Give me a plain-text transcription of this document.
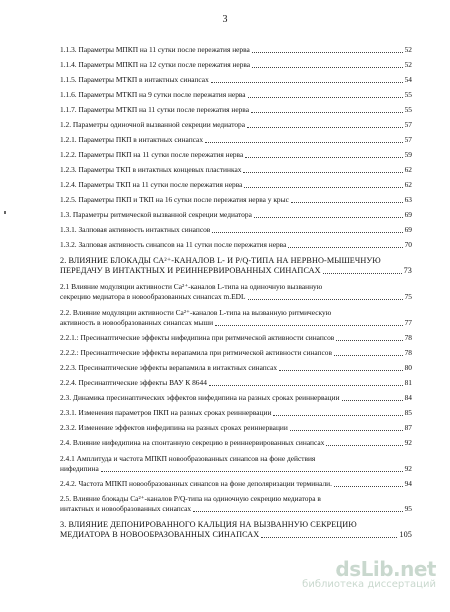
3
1.1.3. Параметры МПКП на 11 сутки после пережатия нерва	52
1.1.4. Параметры МПКП на 12 сутки после пережатия нерва	52
1.1.5. Параметры МТКП в интактных синапсах	54
1.1.6. Параметры МТКП на 9 сутки после пережатия нерва	55
1.1.7. Параметры МТКП на 11 сутки после пережатия нерва	55
1.2. Параметры одиночной вызванной секреции медиатора	57
1.2.1. Параметры ПКП в интактных синапсах	57
1.2.2. Параметры ПКП на 11 сутки после пережатия нерва	59
1.2.3. Параметры ТКП в интактных концевых пластинках	62
1.2.4. Параметры ТКП на 11 сутки после пережатия нерва	62
1.2.5. Параметры ПКП и ТКП на 16 сутки после пережатия нерва у крыс	63
1.3. Параметры ритмической вызванной секреции медиатора	69
1.3.1. Залповая активность интактных синапсов	69
1.3.2. Залповая активность синапсов на 11 сутки после пережатия нерва	70
2. ВЛИЯНИЕ БЛОКАДЫ СА²⁺-КАНАЛОВ L- И P/Q-ТИПА НА НЕРВНО-МЫШЕЧНУЮ
ПЕРЕДАЧУ В ИНТАКТНЫХ И РЕИННЕРВИРОВАННЫХ СИНАПСАХ	73
2.1 Влияние модуляции активности Ca²⁺-каналов L-типа на одиночную вызванную
секрецию медиатора в новообразованных синапсах m.EDL	75
2.2. Влияние модуляции активности Ca²⁺-каналов L-типа на вызванную ритмическую
активность в новообразованных синапсах мыши	77
2.2.1.: Пресинаптические эффекты нифедипина при ритмической активности синапсов	78
2.2.2.: Пресинаптические эффекты верапамила при ритмической активности синапсов	78
2.2.3. Пресинаптические эффекты верапамила в интактных синапсах	80
2.2.4. Пресинаптические эффекты ВАУ К 8644	81
2.3. Динамика пресинаптических эффектов нифедипина на разных сроках реиннервации	84
2.3.1. Изменения параметров ПКП на разных сроках реиннервации	85
2.3.2. Изменение эффектов нифедипина на разных сроках реиннервации	87
2.4. Влияние нифедипина на спонтанную секрецию в реиннервированных синапсах	92
2.4.1 Амплитуда и частота МПКП новообразованных синапсов на фоне действия
нифедипина	92
2.4.2. Частота МПКП новообразованных синапсов на фоне деполяризации терминали.	94
2.5. Влияние блокады Ca²⁺-каналов P/Q-типа на одиночную секрецию медиатора в
интактных и новообразованных синапсах	95
3. ВЛИЯНИЕ ДЕПОНИРОВАННОГО КАЛЬЦИЯ НА ВЫЗВАННУЮ СЕКРЕЦИЮ
МЕДИАТОРА В НОВООБРАЗОВАННЫХ СИНАПСАХ	105
dsLib.net
библиотека диссертаций
